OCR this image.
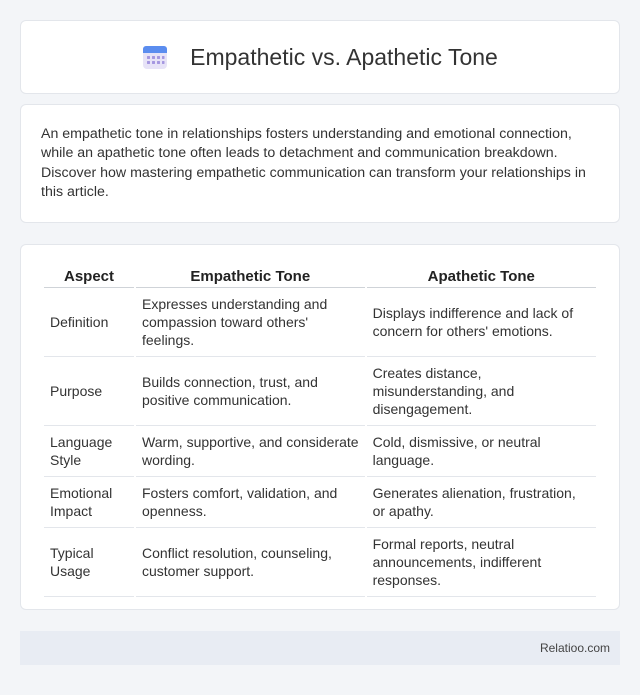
Empathetic vs. Apathetic Tone

An empathetic tone in relationships fosters understanding and emotional connection, while an apathetic tone often leads to detachment and communication breakdown. Discover how mastering empathetic communication can transform your relationships in this article.

Aspect	Empathetic Tone	Apathetic Tone
Definition	Expresses understanding and compassion toward others' feelings.	Displays indifference and lack of concern for others' emotions.
Purpose	Builds connection, trust, and positive communication.	Creates distance, misunderstanding, and disengagement.
Language Style	Warm, supportive, and considerate wording.	Cold, dismissive, or neutral language.
Emotional Impact	Fosters comfort, validation, and openness.	Generates alienation, frustration, or apathy.
Typical Usage	Conflict resolution, counseling, customer support.	Formal reports, neutral announcements, indifferent responses.
Relatioo.com
